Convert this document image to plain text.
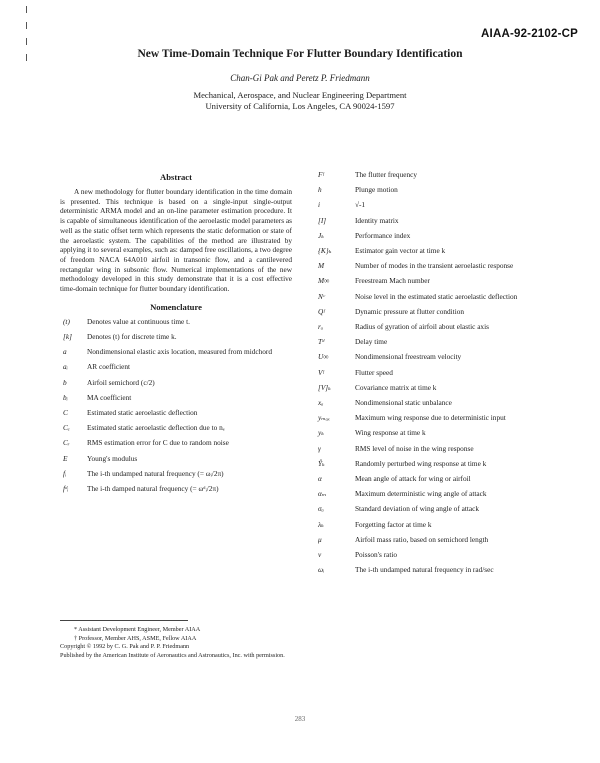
AIAA-92-2102-CP
New Time-Domain Technique For Flutter Boundary Identification
Chan-Gi Pak and Peretz P. Friedmann
Mechanical, Aerospace, and Nuclear Engineering Department
University of California, Los Angeles, CA 90024-1597
Abstract

A new methodology for flutter boundary identification in the time domain is presented. This technique is based on a single-input single-output deterministic ARMA model and an on-line parameter estimation procedure. It is capable of simultaneous identification of the aeroelastic model parameters as well as the static offset term which represents the static deformation or state of the aeroelastic system. The capabilities of the method are illustrated by applying it to several examples, such as: damped free oscillations, a two degree of freedom NACA 64A010 airfoil in transonic flow, and a cantilevered rectangular wing in subsonic flow. Numerical implementations of the new methodology developed in this study demonstrate that it is a cost effective time-domain technique for flutter boundary identification.

Nomenclature
(t)	Denotes value at continuous time t.
[k]	Denotes (t) for discrete time k.
a	Nondimensional elastic axis location, measured from midchord
aᵢ	AR coefficient
b	Airfoil semichord (c/2)
bᵢ	MA coefficient
C	Estimated static aeroelastic deflection
Cₑ	Estimated static aeroelastic deflection due to nₑ
Cᵣ	RMS estimation error for C due to random noise
E	Young's modulus
fᵢ	The i-th undamped natural frequency (= ωᵢ/2π)
fᵈᵢ	The i-th damped natural frequency (= ωᵈᵢ/2π)
Fᶠ	The flutter frequency
h	Plunge motion
i	√-1
[I]	Identity matrix
Jₖ	Performance index
{K}ₖ	Estimator gain vector at time k
M	Number of modes in the transient aeroelastic response
M∞	Freestream Mach number
Nᶜ	Noise level in the estimated static aeroelastic deflection
Qᶠ	Dynamic pressure at flutter condition
rₐ	Radius of gyration of airfoil about elastic axis
Tᵈ	Delay time
U∞	Nondimensional freestream velocity
Vᶠ	Flutter speed
[V]ₖ	Covariance matrix at time k
xₐ	Nondimensional static unbalance
yₘₐₓ	Maximum wing response due to deterministic input
yₖ	Wing response at time k
γ	RMS level of noise in the wing response
Ŷₖ	Randomly perturbed wing response at time k
α	Mean angle of attack for wing or airfoil
αₘ	Maximum deterministic wing angle of attack
σₐ	Standard deviation of wing angle of attack
λₖ	Forgetting factor at time k
μ	Airfoil mass ratio, based on semichord length
ν	Poisson's ratio
ωᵢ	The i-th undamped natural frequency in rad/sec
* Assistant Development Engineer, Member AIAA
† Professor, Member AHS, ASME, Fellow AIAA
Copyright © 1992 by C. G. Pak and P. P. Friedmann
Published by the American Institute of Aeronautics and Astronautics, Inc. with permission.
283
